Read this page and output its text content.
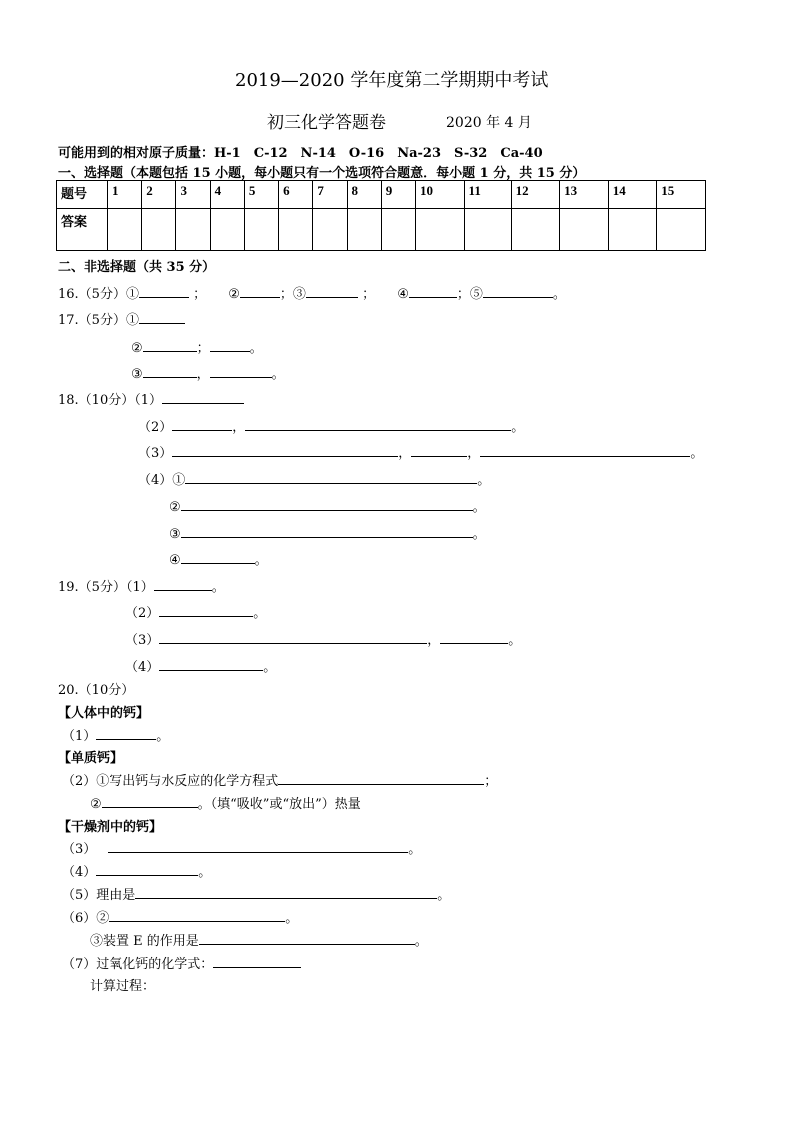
2019—2020 学年度第二学期期中考试
初三化学答题卷	2020 年 4 月
可能用到的相对原子质量：H-1　C-12　N-14　O-16　Na-23　S-32　Ca-40
一、选择题（本题包括 15 小题，每小题只有一个选项符合题意．每小题 1 分，共 15 分）
题号	1	2	3	4	5	6	7	8	9	10	11	12	13	14	15
答案															
二、非选择题（共 35 分）
16.（5分）①	； ②	；③	； ④	；⑤	。
17.（5分）①
②	；	。
③	，	。
18.（10分）（1）
（2）	，	。
（3）	，	，	。
（4）①	。
②	。
③	。
④	。
19.（5分）（1）	。
（2）	。
（3）	，	。
（4）	。
20.（10分）
【人体中的钙】
（1）	。
【单质钙】
（2）①写出钙与水反应的化学方程式	；
②	。（填“吸收”或“放出”）热量
【干燥剂中的钙】
（3）	。
（4）	。
（5）理由是	。
（6）②	。
③装置 E 的作用是	。
（7）过氧化钙的化学式：
计算过程：
